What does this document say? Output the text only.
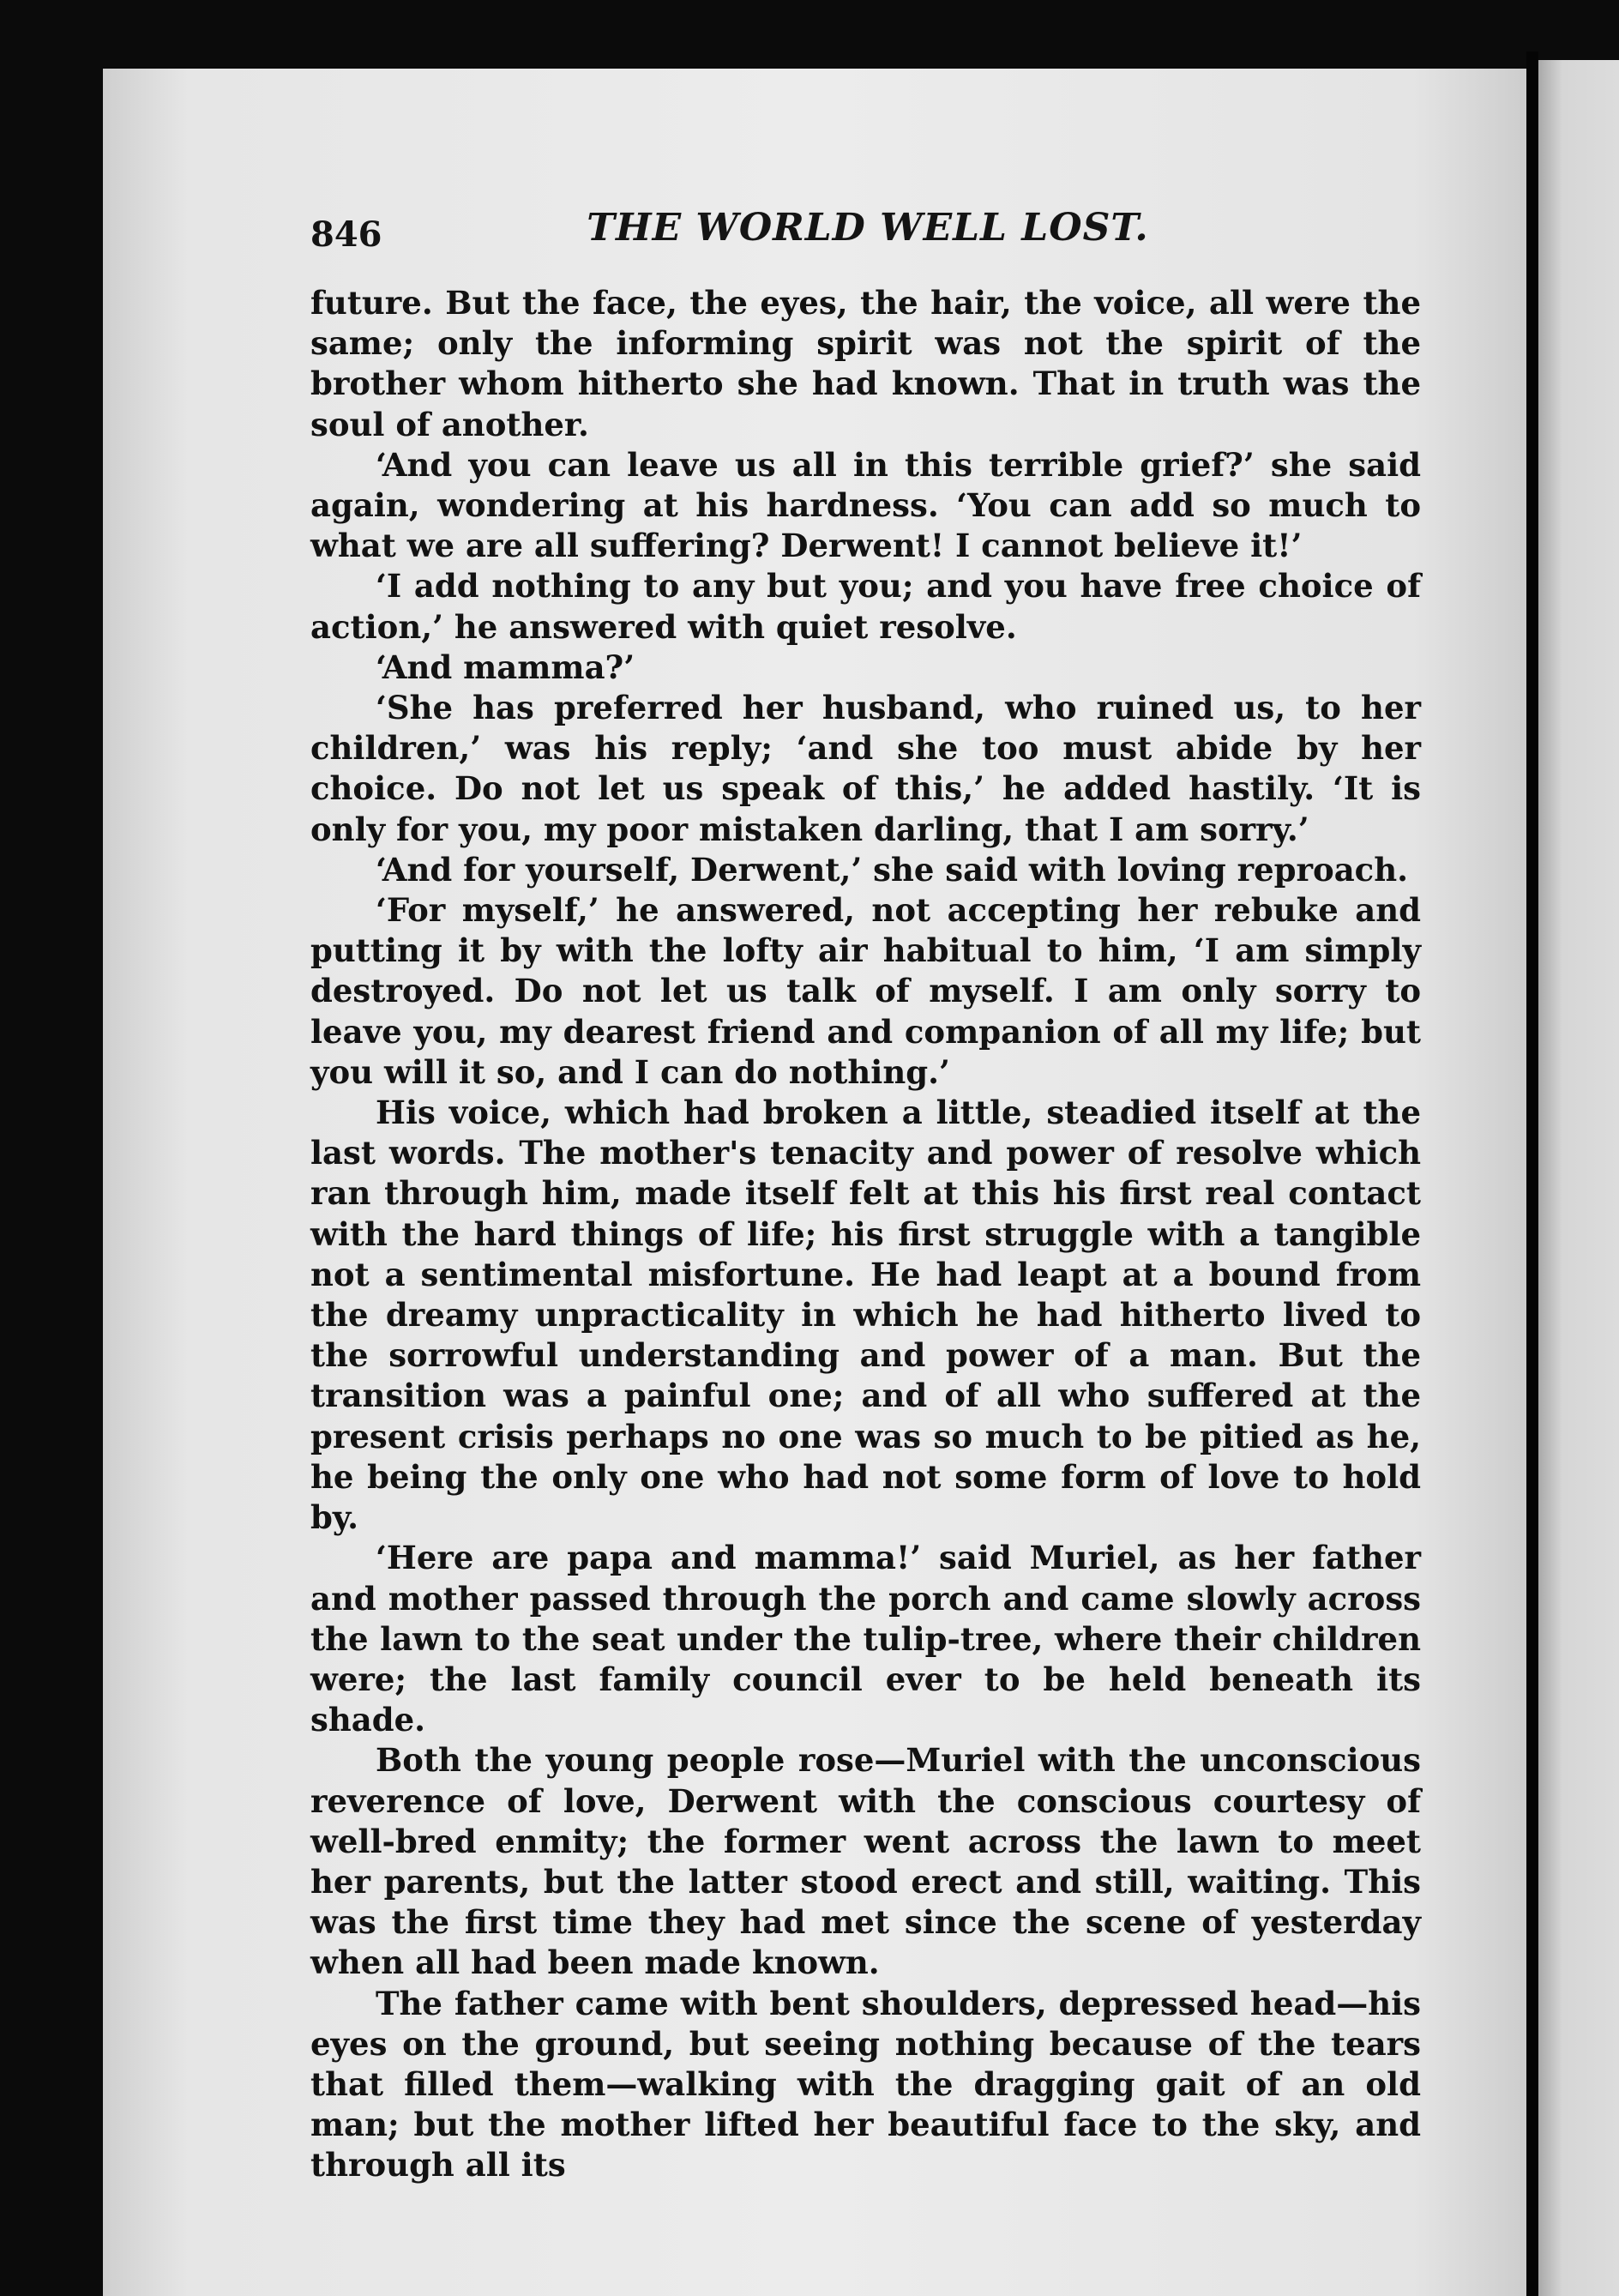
846	THE WORLD WELL LOST.

future. But the face, the eyes, the hair, the voice, all were the same; only the informing spirit was not the spirit of the brother whom hitherto she had known. That in truth was the soul of another.

‘And you can leave us all in this terrible grief?’ she said again, wondering at his hardness. ‘You can add so much to what we are all suffering? Derwent! I cannot believe it!’

‘I add nothing to any but you; and you have free choice of action,’ he answered with quiet resolve.

‘And mamma?’

‘She has preferred her husband, who ruined us, to her children,’ was his reply; ‘and she too must abide by her choice. Do not let us speak of this,’ he added hastily. ‘It is only for you, my poor mistaken darling, that I am sorry.’

‘And for yourself, Derwent,’ she said with loving reproach.

‘For myself,’ he answered, not accepting her rebuke and putting it by with the lofty air habitual to him, ‘I am simply destroyed. Do not let us talk of myself. I am only sorry to leave you, my dearest friend and companion of all my life; but you will it so, and I can do nothing.’

His voice, which had broken a little, steadied itself at the last words. The mother's tenacity and power of resolve which ran through him, made itself felt at this his first real contact with the hard things of life; his first struggle with a tangible not a sentimental misfortune. He had leapt at a bound from the dreamy unpracticality in which he had hitherto lived to the sorrowful understanding and power of a man. But the transition was a painful one; and of all who suffered at the present crisis perhaps no one was so much to be pitied as he, he being the only one who had not some form of love to hold by.

‘Here are papa and mamma!’ said Muriel, as her father and mother passed through the porch and came slowly across the lawn to the seat under the tulip-tree, where their children were; the last family council ever to be held beneath its shade.

Both the young people rose—Muriel with the unconscious reverence of love, Derwent with the conscious courtesy of well-bred enmity; the former went across the lawn to meet her parents, but the latter stood erect and still, waiting. This was the first time they had met since the scene of yesterday when all had been made known.

The father came with bent shoulders, depressed head—his eyes on the ground, but seeing nothing because of the tears that filled them—walking with the dragging gait of an old man; but the mother lifted her beautiful face to the sky, and through all its
